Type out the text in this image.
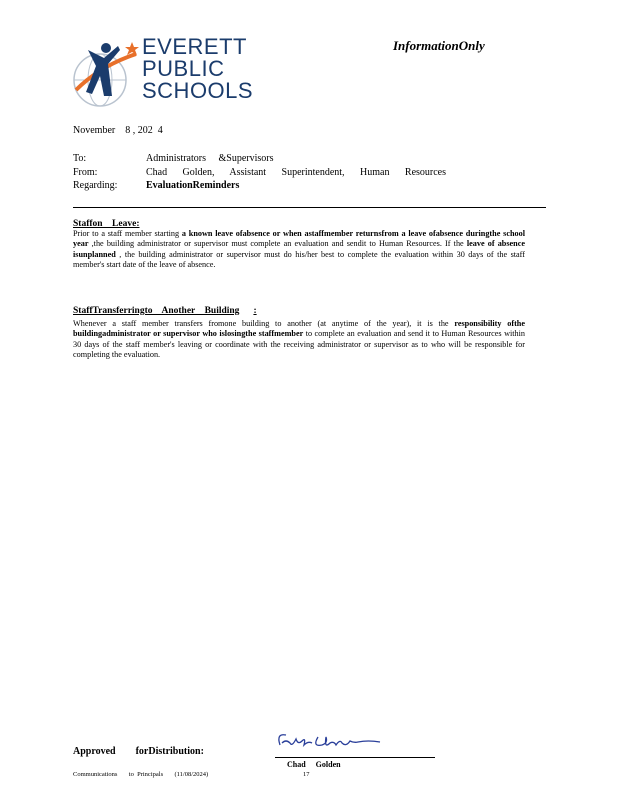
EVERETT
PUBLIC
SCHOOLS
InformationOnly
November    8 , 202  4
To:	Administrators     &Supervisors
From:	Chad Golden, Assistant Superintendent, Human Resources
Regarding:	EvaluationReminders
Staffon    Leave:
Prior to a staff member starting a known leave ofabsence or when astaffmember returnsfrom a leave ofabsence duringthe school year ,the building administrator or supervisor must complete an evaluation and sendit to Human Resources. If the leave of absence isunplanned , the building administrator or supervisor must do his/her best to complete the evaluation within 30 days of the staff member's start date of the leave of absence.
StaffTransferringto    Another    Building :
Whenever a staff member transfers fromone building to another (at anytime of the year), it is the responsibility ofthe buildingadministrator or supervisor who islosingthe staffmember to complete an evaluation and send it to Human Resources within 30 days of the staff member's leaving or coordinate with the receiving administrator or supervisor as to who will be responsible for completing the evaluation.
Approved        forDistribution:
Chad     Golden
Communications       to  Principals       (11/08/2024)	17
